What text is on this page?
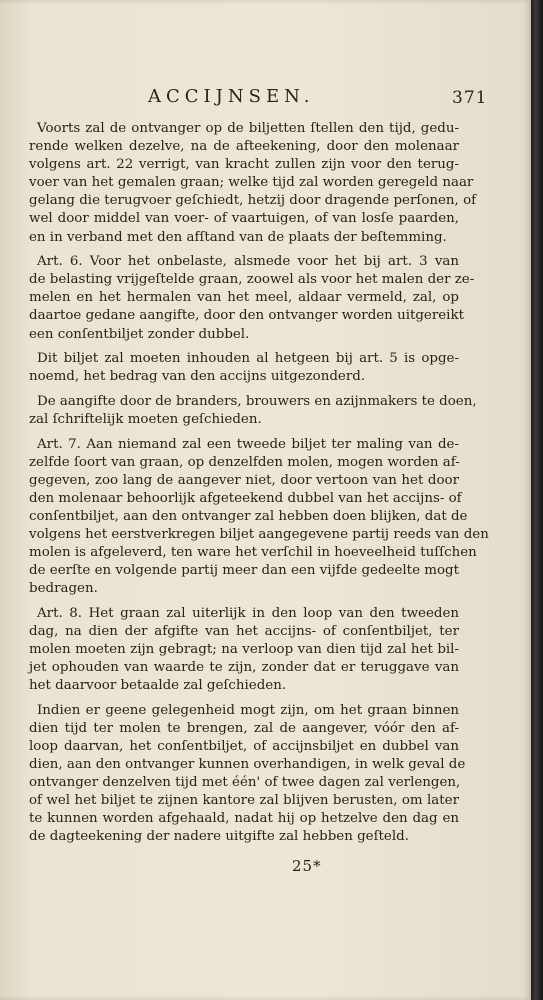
ACCIJNSEN.	371
Voorts zal de ontvanger op de biljetten ſtellen den tijd, gedu-
rende welken dezelve, na de afteekening, door den molenaar
volgens art. 22 verrigt, van kracht zullen zijn voor den terug-
voer van het gemalen graan; welke tijd zal worden geregeld naar
gelang die terugvoer geſchiedt, hetzij door dragende perſonen, of
wel door middel van voer- of vaartuigen, of van losſe paarden,
en in verband met den afſtand van de plaats der beſtemming.
Art. 6. Voor het onbelaste, alsmede voor het bij art. 3 van
de belasting vrijgeſtelde graan, zoowel als voor het malen der ze-
melen en het hermalen van het meel, aldaar vermeld, zal, op
daartoe gedane aangifte, door den ontvanger worden uitgereikt
een conſentbiljet zonder dubbel.
Dit biljet zal moeten inhouden al hetgeen bij art. 5 is opge-
noemd, het bedrag van den accijns uitgezonderd.
De aangifte door de branders, brouwers en azijnmakers te doen,
zal ſchriftelijk moeten geſchieden.
Art. 7. Aan niemand zal een tweede biljet ter maling van de-
zelfde ſoort van graan, op denzelfden molen, mogen worden af-
gegeven, zoo lang de aangever niet, door vertoon van het door
den molenaar behoorlijk afgeteekend dubbel van het accijns- of
conſentbiljet, aan den ontvanger zal hebben doen blijken, dat de
volgens het eerstverkregen biljet aangegevene partij reeds van den
molen is afgeleverd, ten ware het verſchil in hoeveelheid tuſſchen
de eerſte en volgende partij meer dan een vijfde gedeelte mogt
bedragen.
Art. 8. Het graan zal uiterlijk in den loop van den tweeden
dag, na dien der afgifte van het accijns- of conſentbiljet, ter
molen moeten zijn gebragt; na verloop van dien tijd zal het bil-
jet ophouden van waarde te zijn, zonder dat er teruggave van
het daarvoor betaalde zal geſchieden.
Indien er geene gelegenheid mogt zijn, om het graan binnen
dien tijd ter molen te brengen, zal de aangever, vóór den af-
loop daarvan, het conſentbiljet, of accijnsbiljet en dubbel van
dien, aan den ontvanger kunnen overhandigen, in welk geval de
ontvanger denzelven tijd met één' of twee dagen zal verlengen,
of wel het biljet te zijnen kantore zal blijven berusten, om later
te kunnen worden afgehaald, nadat hij op hetzelve den dag en
de dagteekening der nadere uitgifte zal hebben geſteld.
25*
